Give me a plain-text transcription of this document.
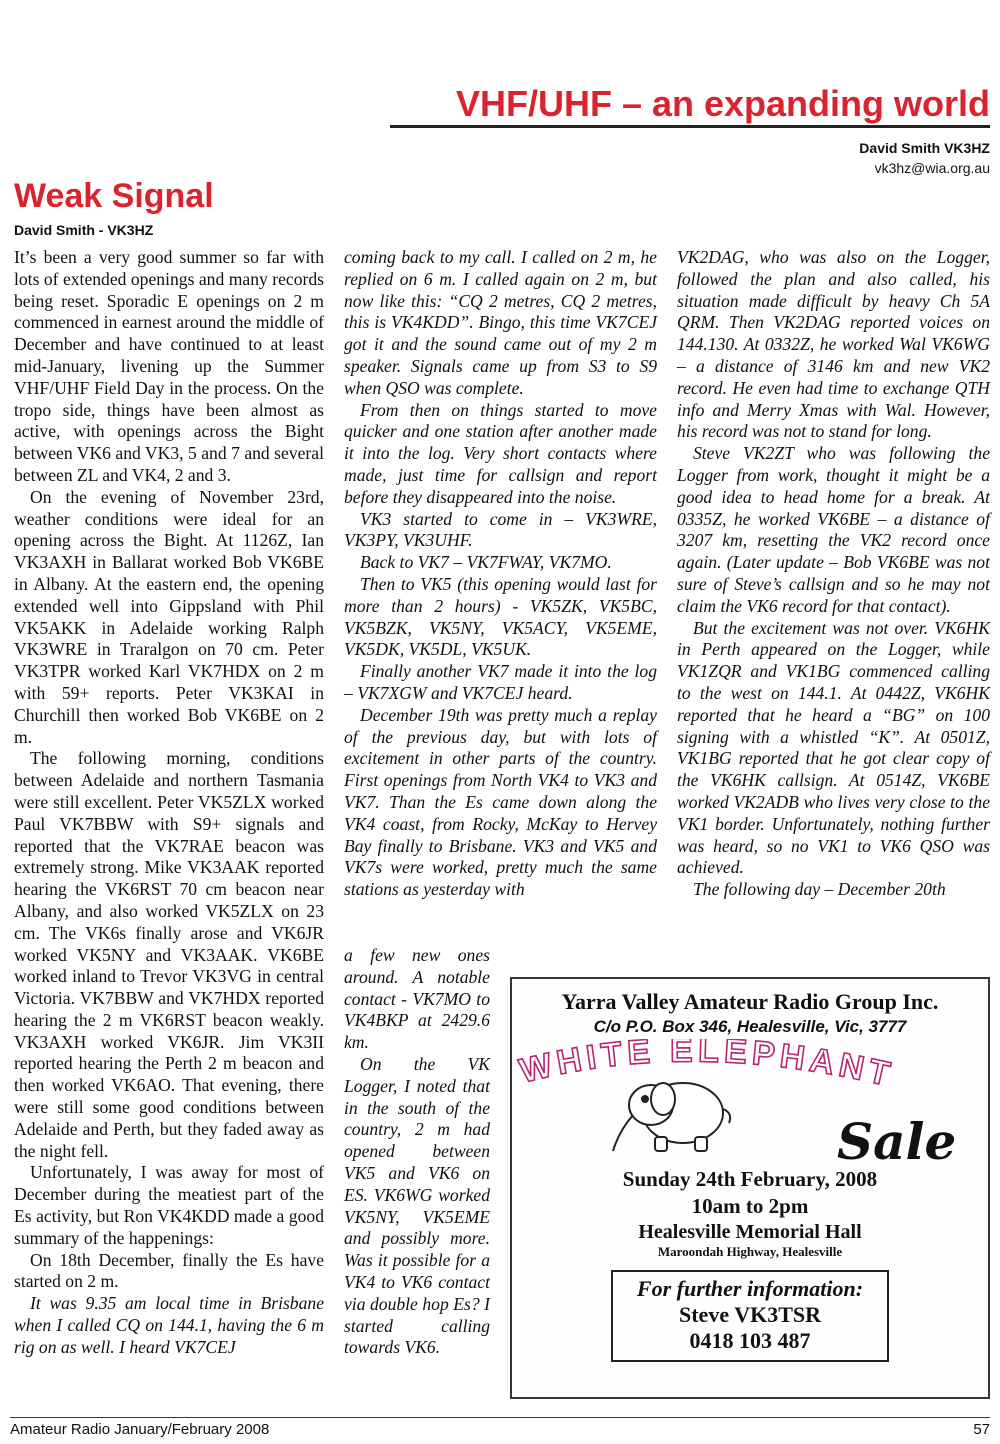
VHF/UHF – an expanding world
David Smith VK3HZ
vk3hz@wia.org.au
Weak Signal
David Smith - VK3HZ

It’s been a very good summer so far with lots of extended openings and many records being reset. Sporadic E openings on 2 m commenced in earnest around the middle of December and have continued to at least mid-January, livening up the Summer VHF/UHF Field Day in the process. On the tropo side, things have been almost as active, with openings across the Bight between VK6 and VK3, 5 and 7 and several between ZL and VK4, 2 and 3.

On the evening of November 23rd, weather conditions were ideal for an opening across the Bight. At 1126Z, Ian VK3AXH in Ballarat worked Bob VK6BE in Albany. At the eastern end, the opening extended well into Gippsland with Phil VK5AKK in Adelaide working Ralph VK3WRE in Traralgon on 70 cm. Peter VK3TPR worked Karl VK7HDX on 2 m with 59+ reports. Peter VK3KAI in Churchill then worked Bob VK6BE on 2 m.

The following morning, conditions between Adelaide and northern Tasmania were still excellent. Peter VK5ZLX worked Paul VK7BBW with S9+ signals and reported that the VK7RAE beacon was extremely strong. Mike VK3AAK reported hearing the VK6RST 70 cm beacon near Albany, and also worked VK5ZLX on 23 cm. The VK6s finally arose and VK6JR worked VK5NY and VK3AAK. VK6BE worked inland to Trevor VK3VG in central Victoria. VK7BBW and VK7HDX reported hearing the 2 m VK6RST beacon weakly. VK3AXH worked VK6JR. Jim VK3II reported hearing the Perth 2 m beacon and then worked VK6AO. That evening, there were still some good conditions between Adelaide and Perth, but they faded away as the night fell.

Unfortunately, I was away for most of December during the meatiest part of the Es activity, but Ron VK4KDD made a good summary of the happenings:

On 18th December, finally the Es have started on 2 m.

It was 9.35 am local time in Brisbane when I called CQ on 144.1, having the 6 m rig on as well. I heard VK7CEJ

coming back to my call. I called on 2 m, he replied on 6 m. I called again on 2 m, but now like this: “CQ 2 metres, CQ 2 metres, this is VK4KDD”. Bingo, this time VK7CEJ got it and the sound came out of my 2 m speaker. Signals came up from S3 to S9 when QSO was complete.

From then on things started to move quicker and one station after another made it into the log. Very short contacts where made, just time for callsign and report before they disappeared into the noise.

VK3 started to come in – VK3WRE, VK3PY, VK3UHF.

Back to VK7 – VK7FWAY, VK7MO.

Then to VK5 (this opening would last for more than 2 hours) - VK5ZK, VK5BC, VK5BZK, VK5NY, VK5ACY, VK5EME, VK5DK, VK5DL, VK5UK.

Finally another VK7 made it into the log – VK7XGW and VK7CEJ heard.

December 19th was pretty much a replay of the previous day, but with lots of excitement in other parts of the country. First openings from North VK4 to VK3 and VK7. Than the Es came down along the VK4 coast, from Rocky, McKay to Hervey Bay finally to Brisbane. VK3 and VK5 and VK7s were worked, pretty much the same stations as yesterday with

a few new ones around. A notable contact - VK7MO to VK4BKP at 2429.6 km.

On the VK Logger, I noted that in the south of the country, 2 m had opened between VK5 and VK6 on ES. VK6WG worked VK5NY, VK5EME and possibly more. Was it possible for a VK4 to VK6 contact via double hop Es? I started calling towards VK6.

VK2DAG, who was also on the Logger, followed the plan and also called, his situation made difficult by heavy Ch 5A QRM. Then VK2DAG reported voices on 144.130. At 0332Z, he worked Wal VK6WG – a distance of 3146 km and new VK2 record. He even had time to exchange QTH info and Merry Xmas with Wal. However, his record was not to stand for long.

Steve VK2ZT who was following the Logger from work, thought it might be a good idea to head home for a break. At 0335Z, he worked VK6BE – a distance of 3207 km, resetting the VK2 record once again. (Later update – Bob VK6BE was not sure of Steve’s callsign and so he may not claim the VK6 record for that contact).

But the excitement was not over. VK6HK in Perth appeared on the Logger, while VK1ZQR and VK1BG commenced calling to the west on 144.1. At 0442Z, VK6HK reported that he heard a “BG” on 100 signing with a whistled “K”. At 0501Z, VK1BG reported that he got clear copy of the VK6HK callsign. At 0514Z, VK6BE worked VK2ADB who lives very close to the VK1 border. Unfortunately, nothing further was heard, so no VK1 to VK6 QSO was achieved.

The following day – December 20th

Yarra Valley Amateur Radio Group Inc.
C/o P.O. Box 346, Healesville, Vic, 3777
WHITE ELEPHANT
Sale
Sunday 24th February, 2008
10am to 2pm
Healesville Memorial Hall
Maroondah Highway, Healesville
For further information:
Steve VK3TSR
0418 103 487
Amateur Radio January/February 2008	57
